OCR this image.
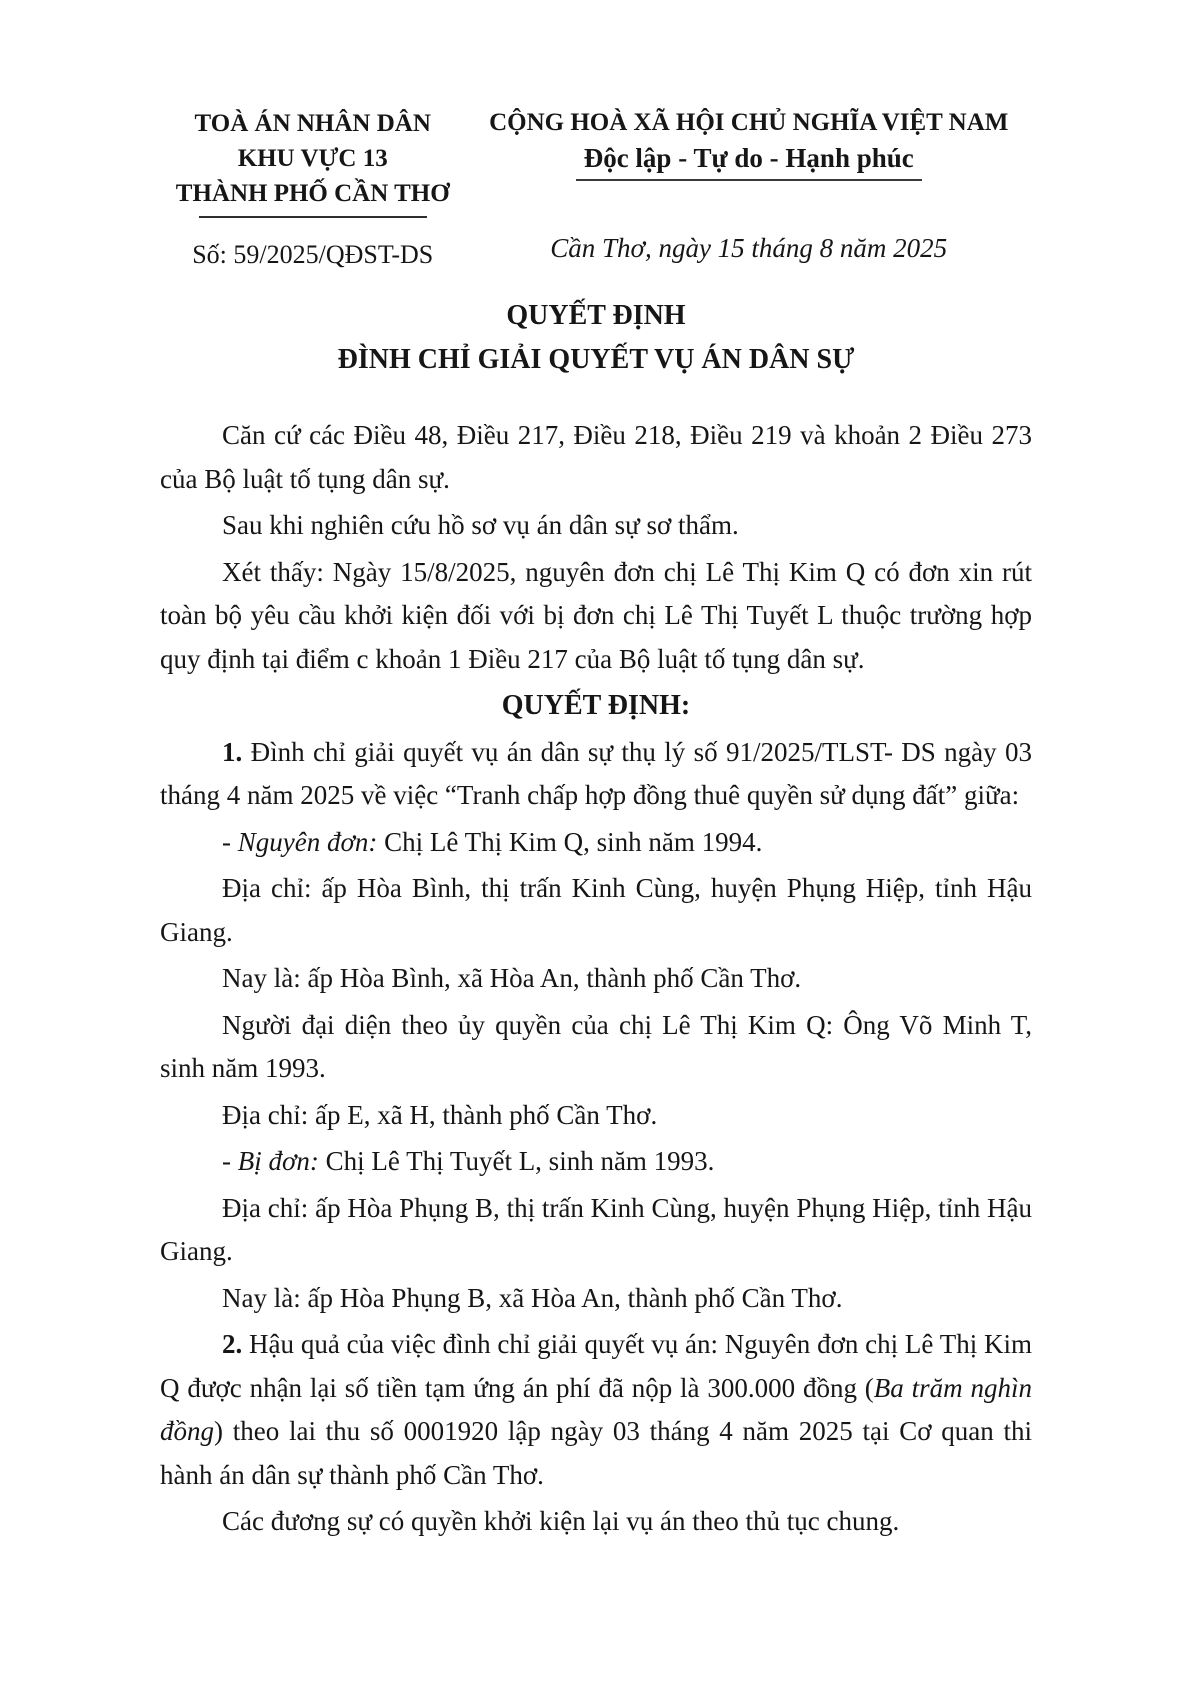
TOÀ ÁN NHÂN DÂN
KHU VỰC 13
THÀNH PHỐ CẦN THƠ
Số: 59/2025/QĐST-DS
CỘNG HOÀ XÃ HỘI CHỦ NGHĨA VIỆT NAM
Độc lập - Tự do - Hạnh phúc
Cần Thơ, ngày 15 tháng 8 năm 2025
QUYẾT ĐỊNH
ĐÌNH CHỈ GIẢI QUYẾT VỤ ÁN DÂN SỰ

Căn cứ các Điều 48, Điều 217, Điều 218, Điều 219 và khoản 2 Điều 273 của Bộ luật tố tụng dân sự.

Sau khi nghiên cứu hồ sơ vụ án dân sự sơ thẩm.

Xét thấy: Ngày 15/8/2025, nguyên đơn chị Lê Thị Kim Q có đơn xin rút toàn bộ yêu cầu khởi kiện đối với bị đơn chị Lê Thị Tuyết L thuộc trường hợp quy định tại điểm c khoản 1 Điều 217 của Bộ luật tố tụng dân sự.

QUYẾT ĐỊNH:

1. Đình chỉ giải quyết vụ án dân sự thụ lý số 91/2025/TLST- DS ngày 03 tháng 4 năm 2025 về việc “Tranh chấp hợp đồng thuê quyền sử dụng đất” giữa:

- Nguyên đơn: Chị Lê Thị Kim Q, sinh năm 1994.

Địa chỉ: ấp Hòa Bình, thị trấn Kinh Cùng, huyện Phụng Hiệp, tỉnh Hậu Giang.

Nay là: ấp Hòa Bình, xã Hòa An, thành phố Cần Thơ.

Người đại diện theo ủy quyền của chị Lê Thị Kim Q: Ông Võ Minh T, sinh năm 1993.

Địa chỉ: ấp E, xã H, thành phố Cần Thơ.

- Bị đơn: Chị Lê Thị Tuyết L, sinh năm 1993.

Địa chỉ: ấp Hòa Phụng B, thị trấn Kinh Cùng, huyện Phụng Hiệp, tỉnh Hậu Giang.

Nay là: ấp Hòa Phụng B, xã Hòa An, thành phố Cần Thơ.

2. Hậu quả của việc đình chỉ giải quyết vụ án: Nguyên đơn chị Lê Thị Kim Q được nhận lại số tiền tạm ứng án phí đã nộp là 300.000 đồng (Ba trăm nghìn đồng) theo lai thu số 0001920 lập ngày 03 tháng 4 năm 2025 tại Cơ quan thi hành án dân sự thành phố Cần Thơ.

Các đương sự có quyền khởi kiện lại vụ án theo thủ tục chung.
